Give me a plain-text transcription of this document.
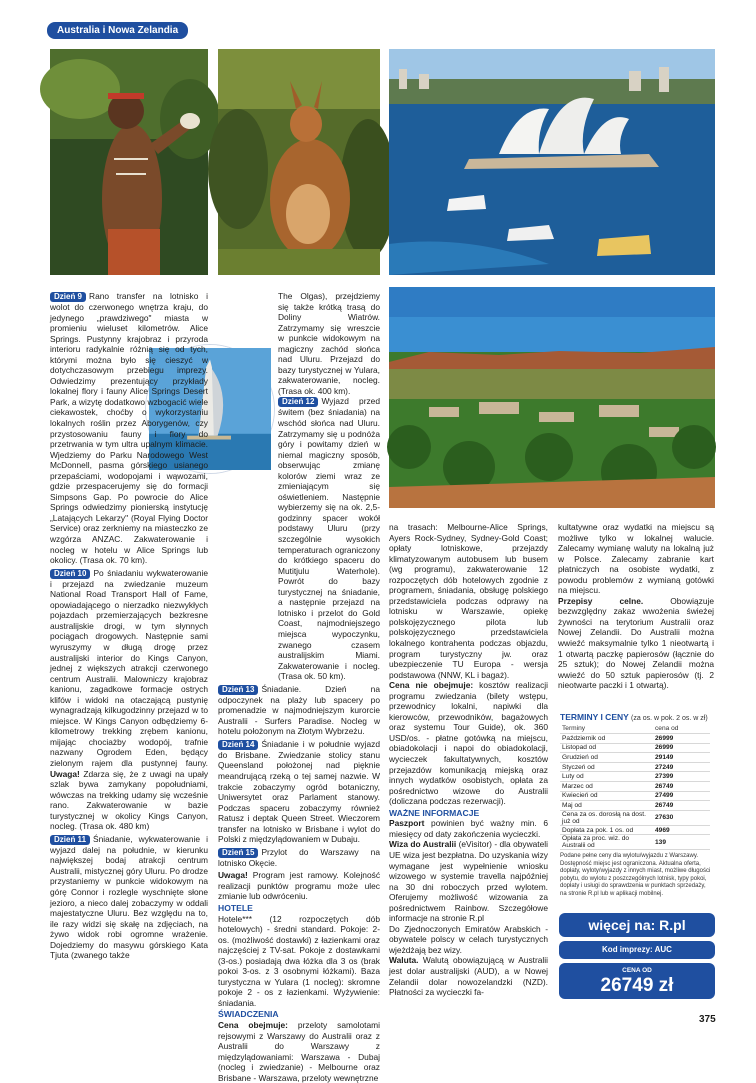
Australia i Nowa Zelandia

Dzień 9 Rano transfer na lotnisko i wolot do czerwonego wnętrza kraju, do jedynego „prawdziwego" miasta w promieniu wieluset kilometrów. Alice Springs. Pustynny krajobraz i przyroda interioru radykalnie różnią się od tych, którymi można było się cieszyć w dotychczasowym przebiegu imprezy. Odwiedzimy prezentujący przykłady lokalnej flory i fauny Alice Springs Desert Park, a wizytę dodatkowo wzbogacić wiele ciekawostek, choćby o wykorzystaniu lokalnych roślin przez Aborygenów, czy przystosowaniu fauny i flory do przetrwania w tym ultra upalnym klimacie. Wjedziemy do Parku Narodowego West McDonnell, pasma górskiego usianego przepaściami, wodopojami i wąwozami, gdzie przespacerujemy się do formacji Simpsons Gap. Po powrocie do Alice Springs odwiedzimy pionierską instytucję „Latających Lekarzy" (Royal Flying Doctor Service) oraz zerkniemy na miasteczko ze wzgórza ANZAC. Zakwaterowanie i nocleg w hotelu w Alice Springs lub okolicy. (Trasa ok. 70 km).

Dzień 10 Po śniadaniu wykwaterowanie i przejazd na zwiedzanie muzeum National Road Transport Hall of Fame, opowiadającego o nierzadko niezwykłych pojazdach przemierzających bezkresne australijskie drogi, w tym słynnych pociągach drogowych. Następnie sami wyruszymy w długą drogę przez australijski interior do Kings Canyon, jednej z większych atrakcji czerwonego centrum Australii. Malowniczy krajobraz kanionu, zagadkowe formacje ostrych klifów i widoki na otaczającą pustynię wynagradzają kilkugodzinny przejazd w to miejsce. W Kings Canyon odbędziemy 6-kilometrowy trekking zrębem kanionu, mijając chociażby wodopój, trafnie nazwany Ogrodem Eden, będący zielonym rajem dla pustynnej fauny. Uwaga! Zdarza się, że z uwagi na upały szlak bywa zamykany popołudniami, wówczas na trekking udamy się wcześnie rano. Zakwaterowanie w bazie turystycznej w okolicy Kings Canyon, nocleg. (Trasa ok. 480 km)

Dzień 11 Śniadanie, wykwaterowanie i wyjazd dalej na południe, w kierunku największej bodaj atrakcji centrum Australii, mistycznej góry Uluru. Po drodze przystaniemy w punkcie widokowym na górę Connor i rozlegle wyschnięte słone jezioro, a nieco dalej zobaczymy w oddali majestatyczne Uluru. Bez względu na to, ile razy widzi się skałę na zdjęciach, na żywo widok robi ogromne wrażenie. Dojedziemy do masywu górskiego Kata Tjuta (zwanego także

The Olgas), przejdziemy się także krótką trasą do Doliny Wiatrów. Zatrzymamy się wreszcie w punkcie widokowym na magiczny zachód słońca nad Uluru. Przejazd do bazy turystycznej w Yulara, zakwaterowanie, nocleg. (Trasa ok. 400 km).

Dzień 12 Wyjazd przed świtem (bez śniadania) na wschód słońca nad Uluru. Zatrzymamy się u podnóża góry i powitamy dzień w niemal magiczny sposób, obserwując zmianę kolorów ziemi wraz ze zmieniającym się oświetleniem. Następnie wybierzemy się na ok. 2,5-godzinny spacer wokół podstawy Uluru (przy szczególnie wysokich temperaturach ograniczony do krótkiego spaceru do Mutitjulu Waterhole). Powrót do bazy turystycznej na śniadanie, a następnie przejazd na lotnisko i przelot do Gold Coast, najmodniejszego miejsca wypoczynku, zwanego czasem australijskim Miami. Zakwaterowanie i nocleg. (Trasa ok. 50 km).

Dzień 13 Śniadanie. Dzień na odpoczynek na plaży lub spacery po promenadzie w najmodniejszym kurorcie Australii - Surfers Paradise. Nocleg w hotelu położonym na Złotym Wybrzeżu.

Dzień 14 Śniadanie i w południe wyjazd do Brisbane. Zwiedzanie stolicy stanu Queensland położonej nad pięknie meandrującą rzeką o tej samej nazwie. W trakcie zobaczymy ogród botaniczny, Uniwersytet oraz Parlament stanowy. Podczas spaceru zobaczymy również Ratusz i deptak Queen Street. Wieczorem transfer na lotnisko w Brisbane i wylot do Polski z międzylądowaniem w Dubaju.

Dzień 15 Przylot do Warszawy na lotnisko Okęcie.

Uwaga! Program jest ramowy. Kolejność realizacji punktów programu może ulec zmianie lub odwróceniu.

HOTELE

Hotele*** (12 rozpoczętych dób hotelowych) - średni standard. Pokoje: 2-os. (możliwość dostawki) z łazienkami oraz najczęściej z TV-sat. Pokoje z dostawkami (3-os.) posiadają dwa łóżka dla 3 os (brak pokoi 3-os. z 3 osobnymi łóżkami). Baza turystyczna w Yulara (1 nocleg): skromne pokoje 2 - os z łazienkami. Wyżywienie: śniadania.

ŚWIADCZENIA

Cena obejmuje: przeloty samolotami rejsowymi z Warszawy do Australii oraz z Australii do Warszawy z międzylądowaniami: Warszawa - Dubaj (nocleg i zwiedzanie) - Melbourne oraz Brisbane - Warszawa, przeloty wewnętrzne

na trasach: Melbourne-Alice Springs, Ayers Rock-Sydney, Sydney-Gold Coast; opłaty lotniskowe, przejazdy klimatyzowanym autobusem lub busem (wg programu), zakwaterowanie 12 rozpoczętych dób hotelowych zgodnie z programem, śniadania, obsługę polskiego przedstawiciela podczas odprawy na lotnisku w Warszawie, opiekę polskojęzycznego pilota lub polskojęzycznego przedstawiciela lokalnego kontrahenta podczas objazdu, program turystyczny jw. oraz ubezpieczenie TU Europa - wersja podstawowa (NNW, KL i bagaż).

Cena nie obejmuje: kosztów realizacji programu zwiedzania (bilety wstępu, przewodnicy lokalni, napiwki dla kierowców, przewodników, bagażowych oraz systemu Tour Guide), ok. 360 USD/os. - płatne gotówką na miejscu, obiadokolacji i napoi do obiadokolacji, wycieczek fakultatywnych, kosztów przejazdów komunikacją miejską oraz innych wydatków osobistych, opłata za pośrednictwo wizowe do Australii (doliczana podczas rezerwacji).

WAŻNE INFORMACJE

Paszport powinien być ważny min. 6 miesięcy od daty zakończenia wycieczki.

Wiza do Australii (eVisitor) - dla obywateli UE wiza jest bezpłatna. Do uzyskania wizy wymagane jest wypełnienie wniosku wizowego w systemie travella najpóźniej na 30 dni roboczych przed wylotem. Oferujemy możliwość wizowania za pośrednictwem Rainbow. Szczegółowe informacje na stronie R.pl

Do Zjednoczonych Emiratów Arabskich - obywatele polscy w celach turystycznych wjeżdżają bez wizy.

Waluta. Walutą obowiązującą w Australii jest dolar australijski (AUD), a w Nowej Zelandii dolar nowozelandzki (NZD). Płatności za wycieczki fa-

kultatywne oraz wydatki na miejscu są możliwe tylko w lokalnej walucie. Zalecamy wymianę waluty na lokalną już w Polsce. Zalecamy zabranie kart płatniczych na osobiste wydatki, z powodu problemów z wymianą gotówki na miejscu.

Przepisy celne.	Obowiązuje bezwzględny zakaz wwożenia świeżej żywności na terytorium Australii oraz Nowej Zelandii. Do Australii można wwieźć maksymalnie tylko 1 nieotwartą i 1 otwartą paczkę papierosów (łącznie do 25 sztuk); do Nowej Zelandii można wwieźć do 50 sztuk papierosów (tj. 2 nieotwarte paczki i 1 otwartą).

TERMINY I CENY (za os. w pok. 2 os. w zł)
Terminy	cena od
Październik od	26999
Listopad od	26999
Grudzień od	29149
Styczeń od	27249
Luty od	27399
Marzec od	26749
Kwiecień od	27499
Maj od	26749
Cena za os. dorosłą na dost. już od	27630
Dopłata za pok. 1 os. od	4969
Opłata za proc. wiz. do Australii od	139
Podane pełne ceny dla wylotu/wyjazdu z Warszawy. Dostępność miejsc jest ograniczona. Aktualna oferta, dopłaty, wyloty/wyjazdy z innych miast, możliwe długości pobytu, do wylotu z poszczególnych lotnisk, typy pokoi, dopłaty i usługi do sprawdzenia w punktach sprzedaży, na stronie R.pl lub w aplikacji mobilnej.
więcej na: R.pl
Kod imprezy: AUC
CENA OD
26749 zł
375
